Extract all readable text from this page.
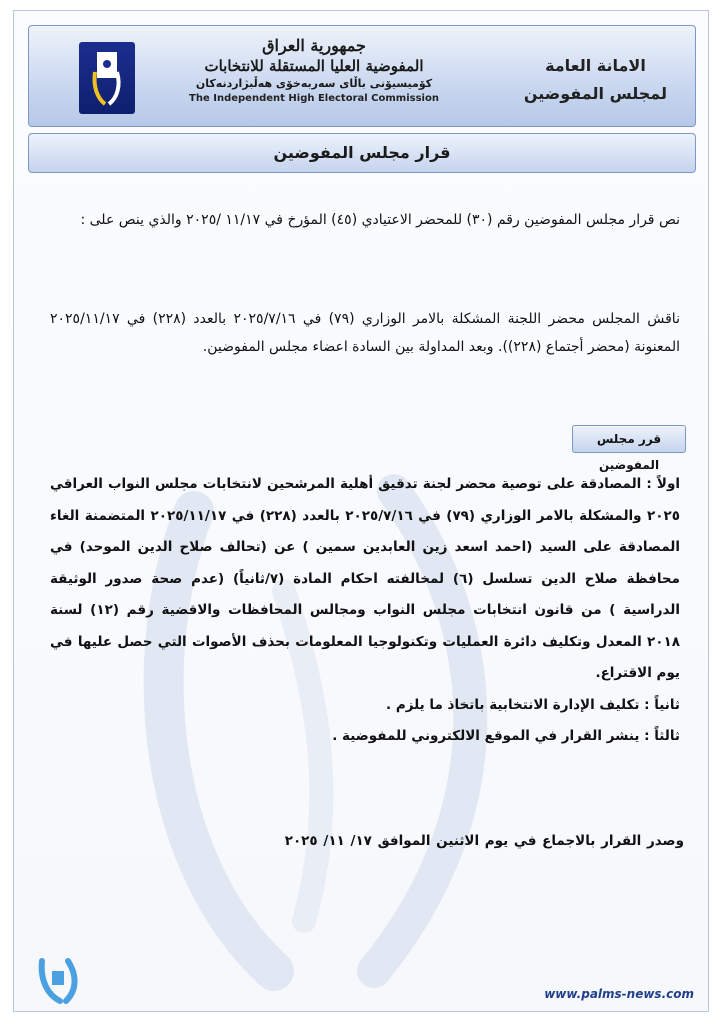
جمهورية العراق
المفوضية العليا المستقلة للانتخابات
كۆمیسیۆنی باڵای سەربەخۆی هەڵبژاردنەکان
The Independent High Electoral Commission
الامانة العامة
لمجلس المفوضين
قرار مجلس المفوضين
نص قرار مجلس المفوضين رقم (٣٠) للمحضر الاعتيادي (٤٥) المؤرخ في ١١/١٧ /٢٠٢٥ والذي ينص على :
ناقش المجلس محضر اللجنة المشكلة بالامر الوزاري (٧٩) في ٢٠٢٥/٧/١٦ بالعدد (٢٢٨) في ٢٠٢٥/١١/١٧ المعنونة (محضر أجتماع (٢٢٨)). وبعد المداولة بين السادة اعضاء مجلس المفوضين.
قرر مجلس المفوضين
اولاً : المصادقة على توصية محضر لجنة تدقيق أهلية المرشحين لانتخابات مجلس النواب العراقي ٢٠٢٥ والمشكلة بالامر الوزاري (٧٩) في ٢٠٢٥/٧/١٦ بالعدد (٢٢٨) في ٢٠٢٥/١١/١٧ المتضمنة الغاء المصادقة على السيد (احمد اسعد زين العابدين سمين ) عن (تحالف صلاح الدين الموحد) في محافظة صلاح الدين تسلسل (٦) لمخالفته احكام المادة (٧/ثانياً) (عدم صحة صدور الوثيقة الدراسية ) من قانون انتخابات مجلس النواب ومجالس المحافظات والاقضية رقم (١٢) لسنة ٢٠١٨ المعدل وتكليف دائرة العمليات وتكنولوجيا المعلومات بحذف الأصوات التي حصل عليها في يوم الاقتراع.
ثانياً : تكليف الإدارة الانتخابية باتخاذ ما يلزم .
ثالثاً : ينشر القرار في الموقع الالكتروني للمفوضية .
وصدر القرار بالاجماع في يوم الاثنين الموافق ١٧/ ١١/ ٢٠٢٥
www.palms-news.com
